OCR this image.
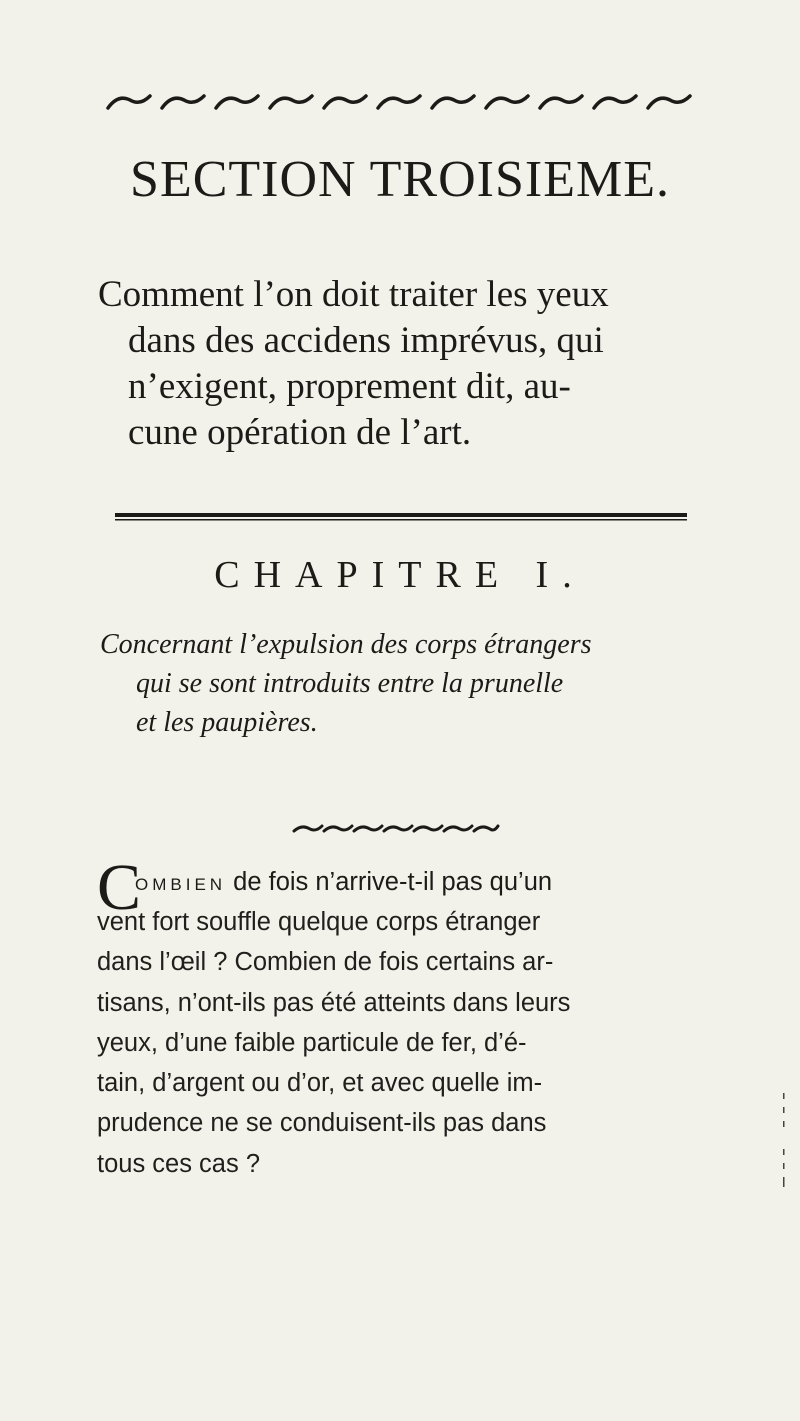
SECTION TROISIEME.
Comment l’on doit traiter les yeux
dans des accidens imprévus, qui
n’exigent, proprement dit, au-
cune opération de l’art.
CHAPITRE I.
Concernant l’expulsion des corps étrangers
qui se sont introduits entre la prunelle
et les paupières.
C
OMBIEN de fois n’arrive-t-il pas qu’un
vent fort souffle quelque corps étranger
dans l’œil ? Combien de fois certains ar-
tisans, n’ont-ils pas été atteints dans leurs
yeux, d’une faible particule de fer, d’é-
tain, d’argent ou d’or, et avec quelle im-
prudence ne se conduisent-ils pas dans
tous ces cas ?
